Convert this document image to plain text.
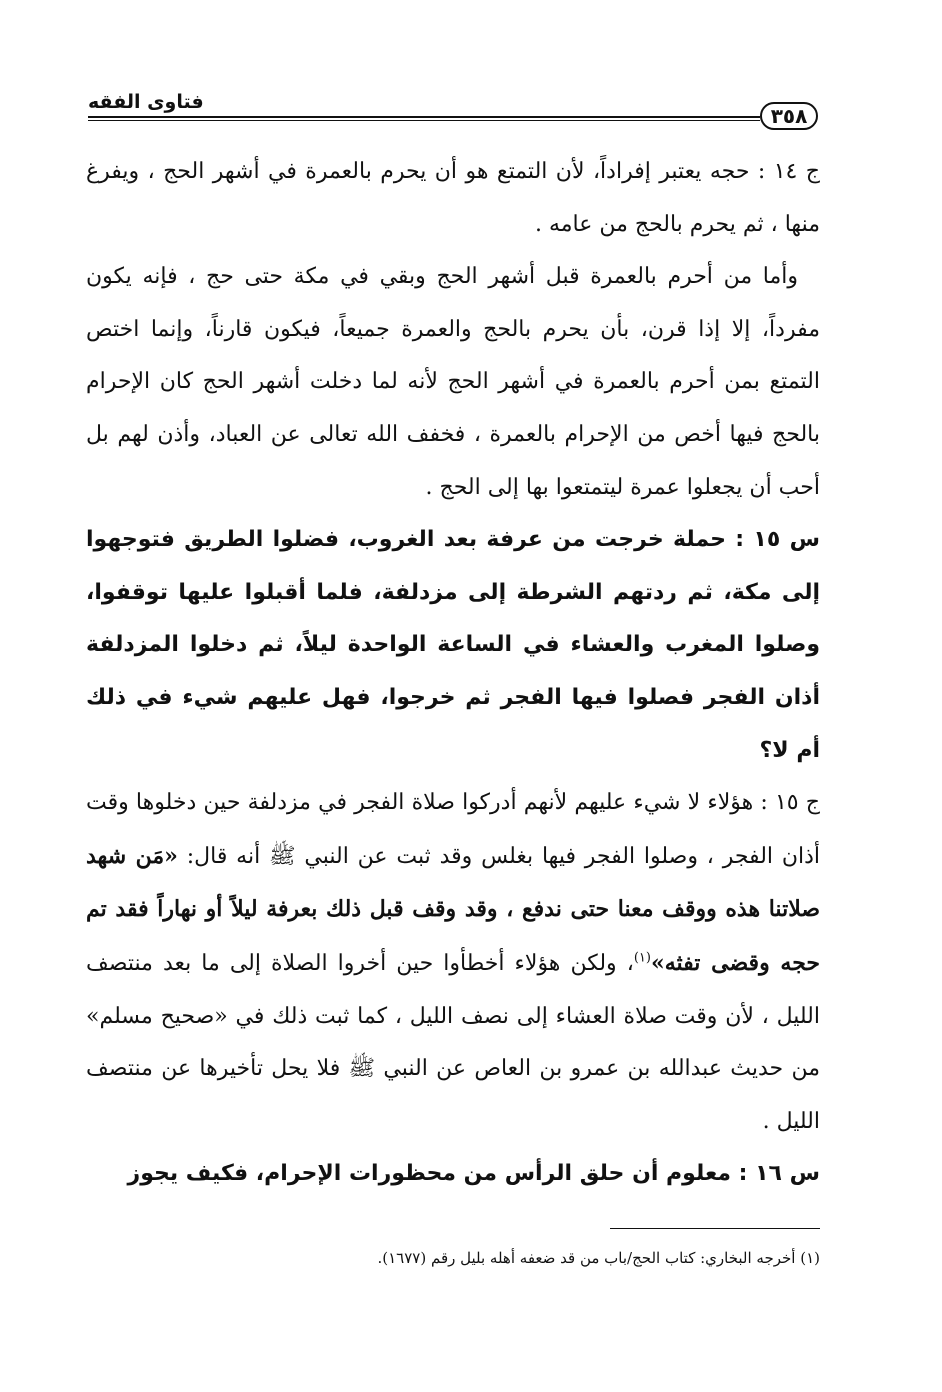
فتاوى الفقه
٣٥٨

ج ١٤ : حجه يعتبر إفراداً، لأن التمتع هو أن يحرم بالعمرة في أشهر الحج ، ويفرغ منها ، ثم يحرم بالحج من عامه .

وأما من أحرم بالعمرة قبل أشهر الحج وبقي في مكة حتى حج ، فإنه يكون مفرداً، إلا إذا قرن، بأن يحرم بالحج والعمرة جميعاً، فيكون قارناً، وإنما اختص التمتع بمن أحرم بالعمرة في أشهر الحج لأنه لما دخلت أشهر الحج كان الإحرام بالحج فيها أخص من الإحرام بالعمرة ، فخفف الله تعالى عن العباد، وأذن لهم بل أحب أن يجعلوا عمرة ليتمتعوا بها إلى الحج .

س ١٥ : حملة خرجت من عرفة بعد الغروب، فضلوا الطريق فتوجهوا إلى مكة، ثم ردتهم الشرطة إلى مزدلفة، فلما أقبلوا عليها توقفوا، وصلوا المغرب والعشاء في الساعة الواحدة ليلاً، ثم دخلوا المزدلفة أذان الفجر فصلوا فيها الفجر ثم خرجوا، فهل عليهم شيء في ذلك أم لا؟

ج ١٥ : هؤلاء لا شيء عليهم لأنهم أدركوا صلاة الفجر في مزدلفة حين دخلوها وقت أذان الفجر ، وصلوا الفجر فيها بغلس وقد ثبت عن النبي ﷺ أنه قال: «مَن شهد صلاتنا هذه ووقف معنا حتى ندفع ، وقد وقف قبل ذلك بعرفة ليلاً أو نهاراً فقد تم حجه وقضى تفثه»$^{(١)}$، ولكن هؤلاء أخطأوا حين أخروا الصلاة إلى ما بعد منتصف الليل ، لأن وقت صلاة العشاء إلى نصف الليل ، كما ثبت ذلك في «صحيح مسلم» من حديث عبدالله بن عمرو بن العاص عن النبي ﷺ فلا يحل تأخيرها عن منتصف الليل .

س ١٦ : معلوم أن حلق الرأس من محظورات الإحرام، فكيف يجوز

(١) أخرجه البخاري: كتاب الحج/باب من قد ضعفه أهله بليل رقم (١٦٧٧).
